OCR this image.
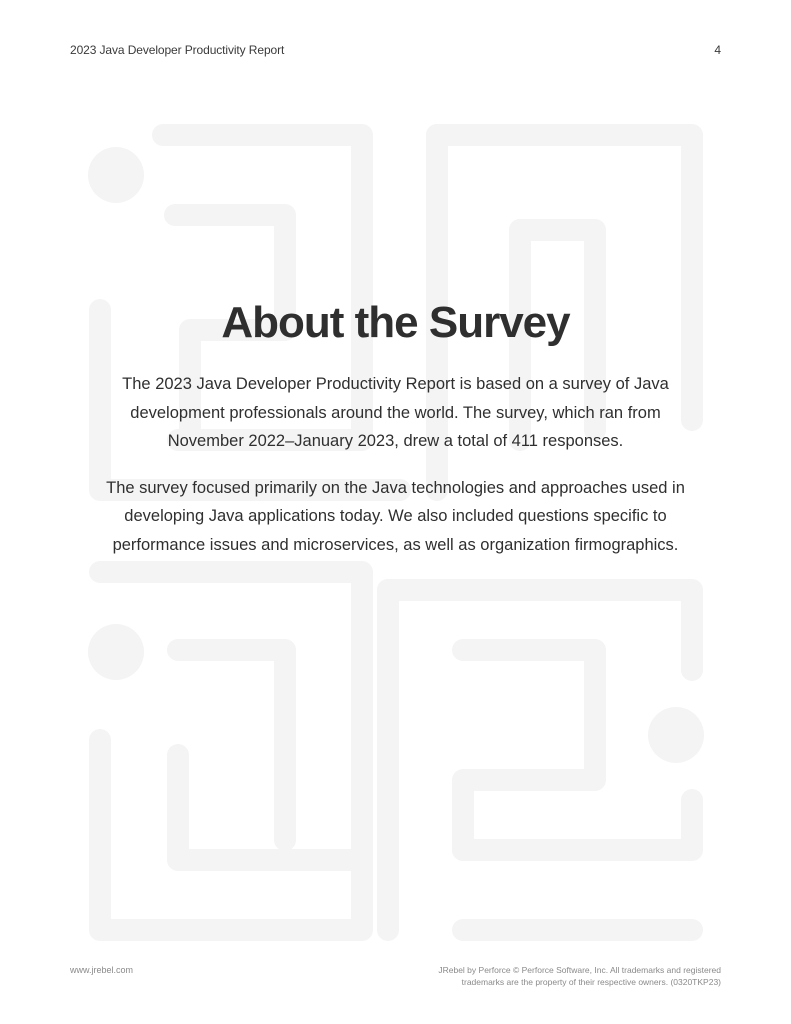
2023 Java Developer Productivity Report	4
About the Survey

The 2023 Java Developer Productivity Report is based on a survey of Java development professionals around the world. The survey, which ran from November 2022–January 2023, drew a total of 411 responses.

The survey focused primarily on the Java technologies and approaches used in developing Java applications today. We also included questions specific to performance issues and microservices, as well as organization firmographics.

www.jrebel.com	JRebel by Perforce © Perforce Software, Inc. All trademarks and registered
trademarks are the property of their respective owners. (0320TKP23)
